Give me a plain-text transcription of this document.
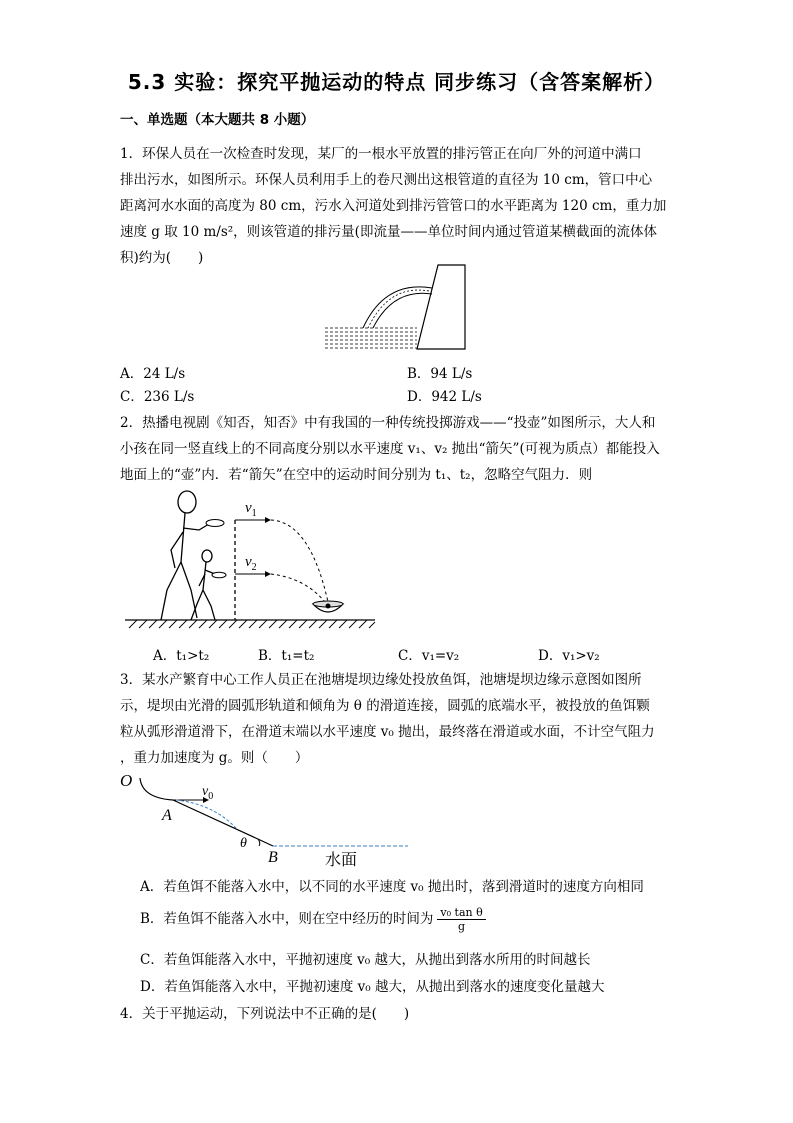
5.3 实验：探究平抛运动的特点 同步练习（含答案解析）
一、单选题（本大题共 8 小题）
1．环保人员在一次检查时发现，某厂的一根水平放置的排污管正在向厂外的河道中满口
排出污水，如图所示。环保人员利用手上的卷尺测出这根管道的直径为 10 cm，管口中心
距离河水水面的高度为 80 cm，污水入河道处到排污管管口的水平距离为 120 cm，重力加
速度 g 取 10 m/s²，则该管道的排污量(即流量——单位时间内通过管道某横截面的流体体
积)约为(　　)
A．24 L/s	B．94 L/s
C．236 L/s	D．942 L/s
2．热播电视剧《知否，知否》中有我国的一种传统投掷游戏——“投壶”如图所示，大人和
小孩在同一竖直线上的不同高度分别以水平速度 v₁、v₂ 抛出“箭矢”(可视为质点）都能投入
地面上的“壶”内．若“箭矢”在空中的运动时间分别为 t₁、t₂，忽略空气阻力．则
$v_1$
$v_2$
A．t₁>t₂	B．t₁=t₂	C．v₁=v₂	D．v₁>v₂
3．某水产繁育中心工作人员正在池塘堤坝边缘处投放鱼饵，池塘堤坝边缘示意图如图所
示，堤坝由光滑的圆弧形轨道和倾角为 θ 的滑道连接，圆弧的底端水平，被投放的鱼饵颗
粒从弧形滑道滑下，在滑道末端以水平速度 v₀ 抛出，最终落在滑道或水面，不计空气阻力
，重力加速度为 g。则（　　）
O
$v_0$
A
θ
B	水面
A．若鱼饵不能落入水中，以不同的水平速度 v₀ 抛出时，落到滑道时的速度方向相同
B．若鱼饵不能落入水中，则在空中经历的时间为 $\frac{\text{v₀ tan θ}}{g}$
C．若鱼饵能落入水中，平抛初速度 v₀ 越大，从抛出到落水所用的时间越长
D．若鱼饵能落入水中，平抛初速度 v₀ 越大，从抛出到落水的速度变化量越大
4．关于平抛运动，下列说法中不正确的是(　　)
